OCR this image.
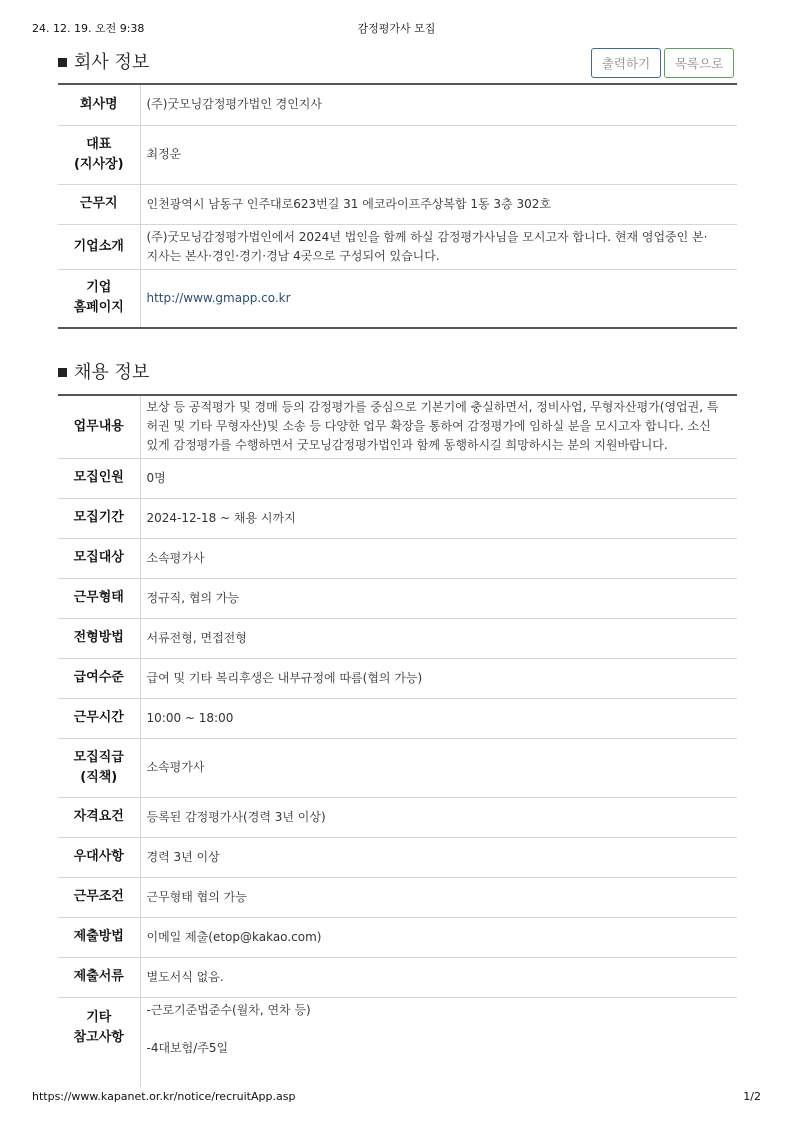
24. 12. 19. 오전 9:38	감정평가사 모집
회사 정보	출력하기	목록으로
회사명	(주)굿모닝감정평가법인 경인지사

대표
(지사장)	최정운
근무지	인천광역시 남동구 인주대로623번길 31 에코라이프주상복합 1동 3층 302호
기업소개	(주)굿모닝감정평가법인에서 2024년 법인을 함께 하실 감정평가사님을 모시고자 합니다. 현재 영업중인 본·
지사는 본사·경인·경기·경남 4곳으로 구성되어 있습니다.

기업
홈페이지	http://www.gmapp.co.kr
채용 정보
업무내용	보상 등 공적평가 및 경매 등의 감정평가를 중심으로 기본기에 충실하면서, 정비사업, 무형자산평가(영업권, 특
허권 및 기타 무형자산)및 소송 등 다양한 업무 확장을 통하여 감정평가에 임하실 분을 모시고자 합니다. 소신
있게 감정평가를 수행하면서 굿모닝감정평가법인과 함께 동행하시길 희망하시는 분의 지원바랍니다.

모집인원	0명
모집기간	2024-12-18 ~ 채용 시까지
모집대상	소속평가사
근무형태	정규직, 협의 가능
전형방법	서류전형, 면접전형
급여수준	급여 및 기타 복리후생은 내부규정에 따름(협의 가능)
근무시간	10:00 ~ 18:00

모집직급
(직책)	소속평가사
자격요건	등록된 감정평가사(경력 3년 이상)
우대사항	경력 3년 이상
근무조건	근무형태 협의 가능
제출방법	이메일 제출(etop@kakao.com)
제출서류	별도서식 없음.

기타
참고사항	-근로기준법준수(월차, 연차 등)
-4대보험/주5일
https://www.kapanet.or.kr/notice/recruitApp.asp	1/2
